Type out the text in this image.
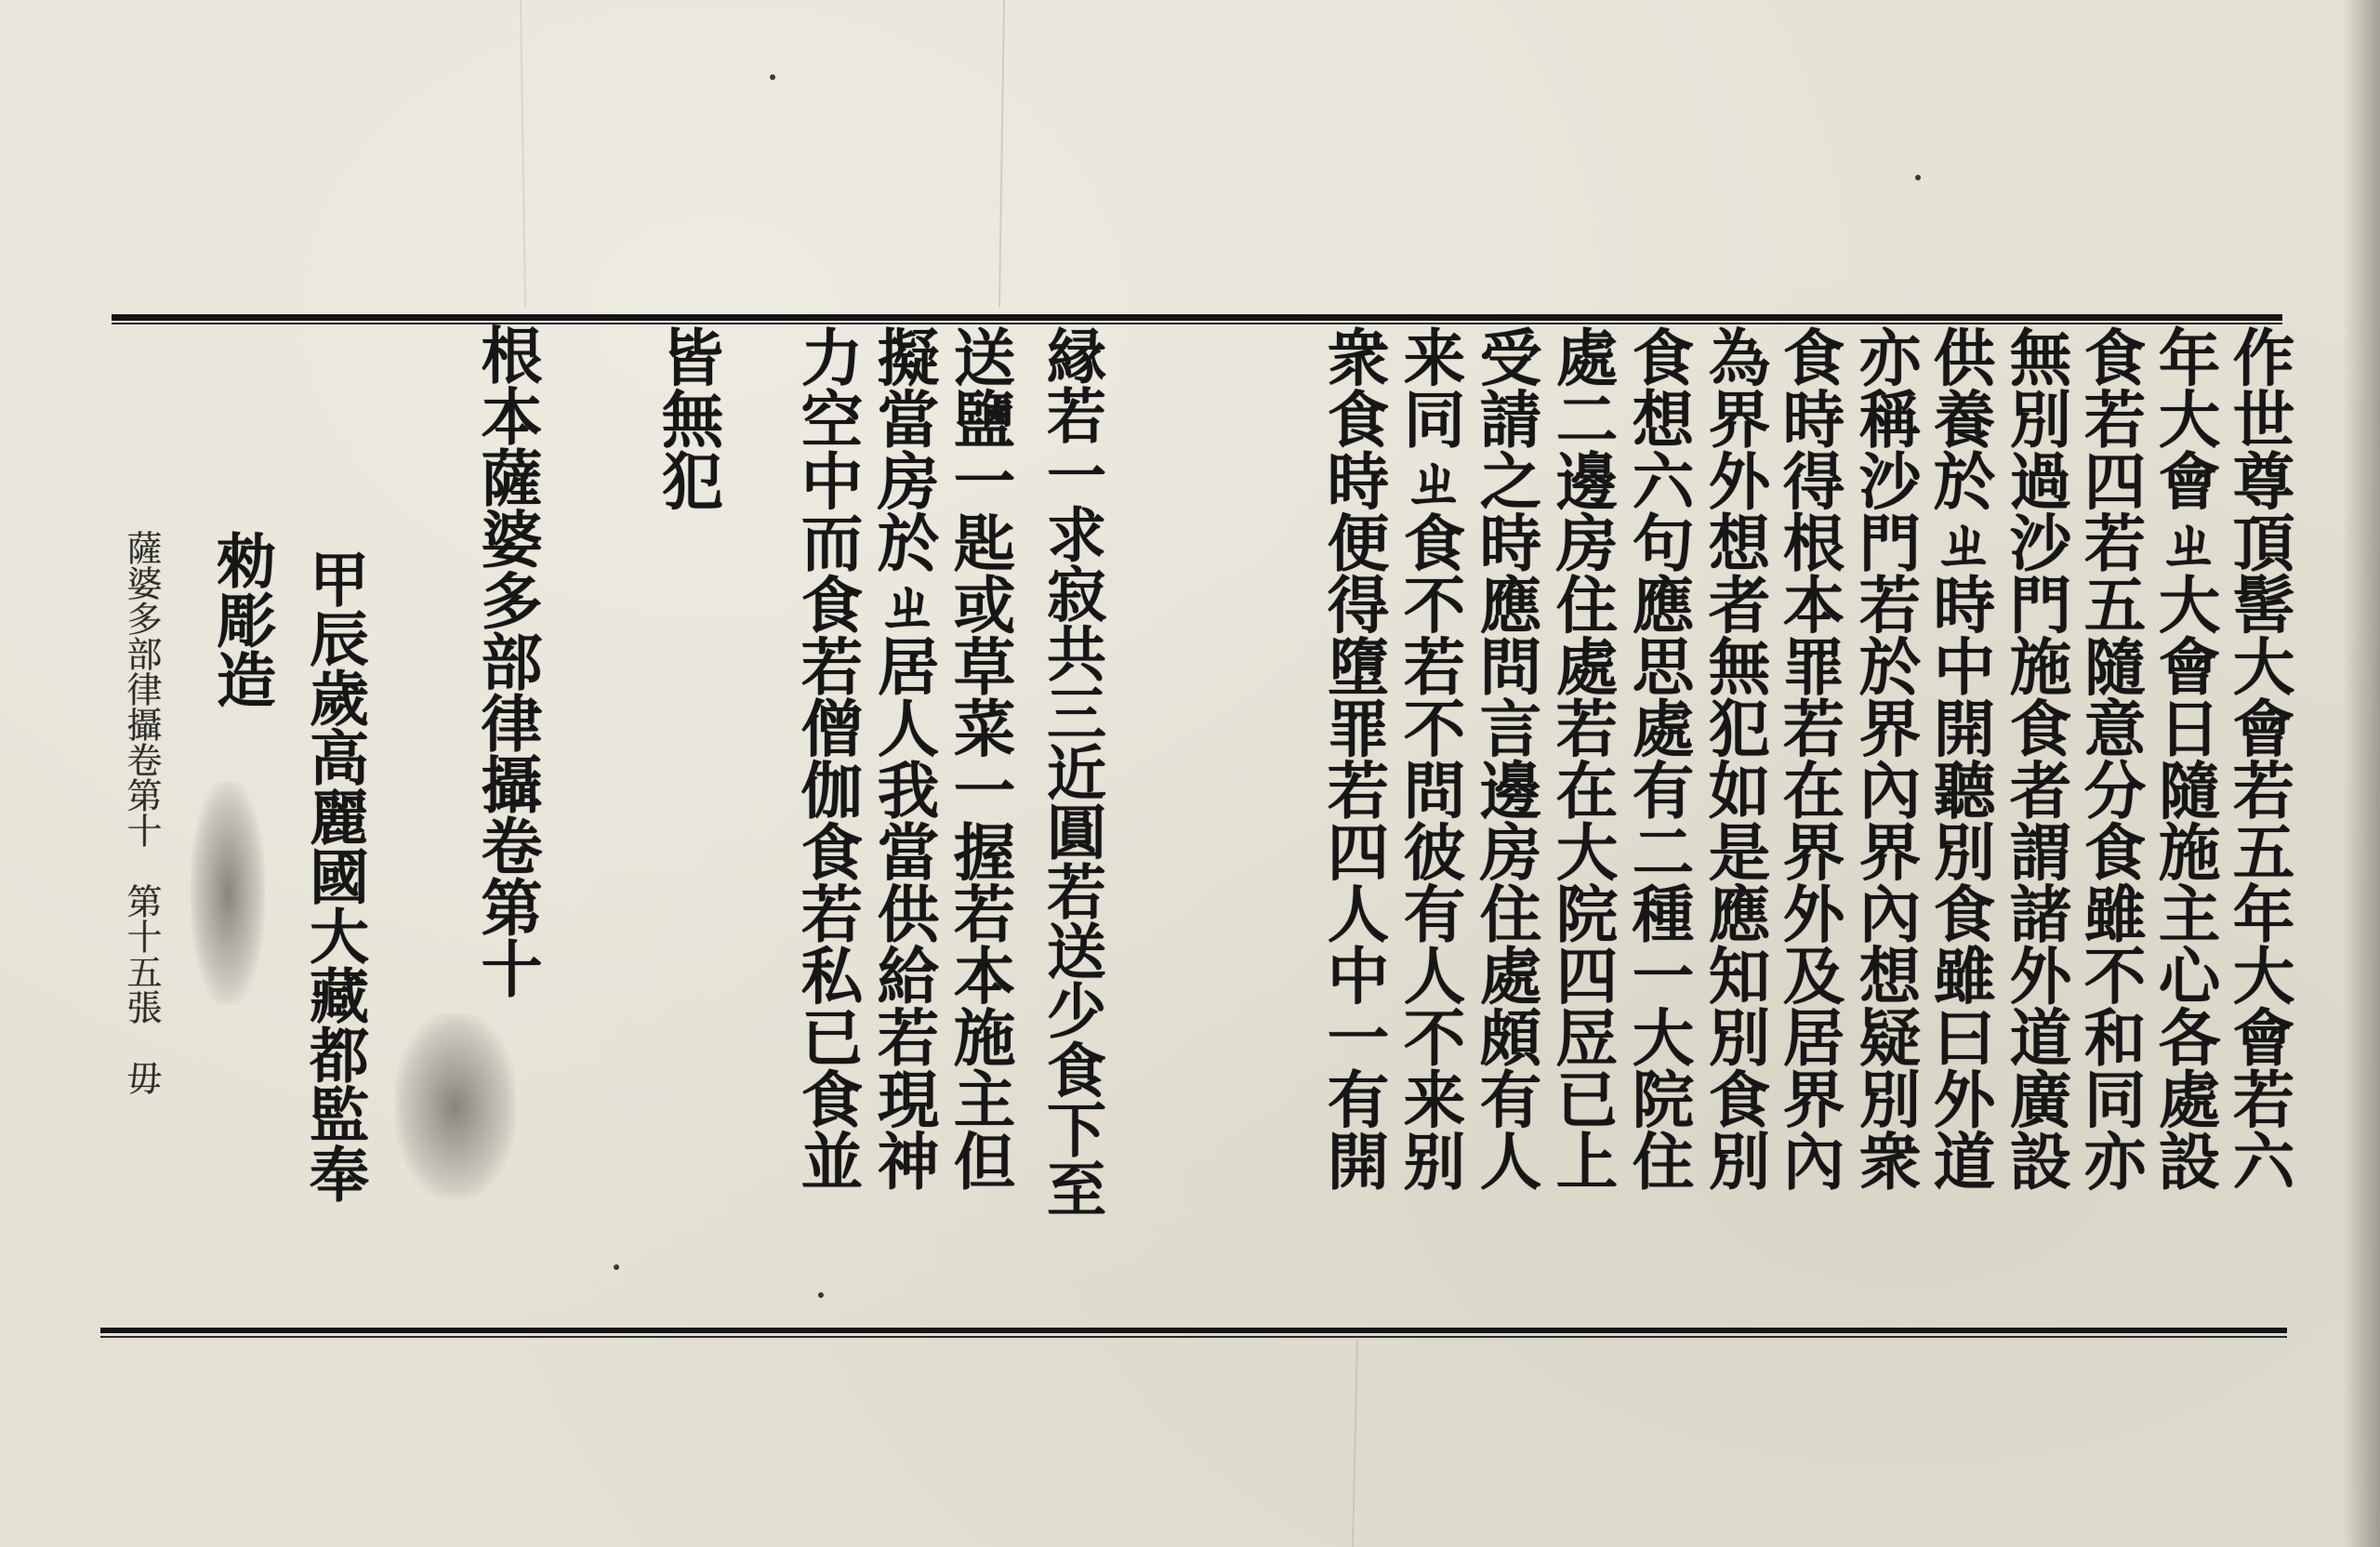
作世尊頂髺大會若五年大會若六
年大會ㄓ大會日隨施主心各處設
食若四若五隨意分食雖不和同亦
無別過沙門施食者謂諸外道廣設
供養於ㄓ時中開聽別食雖曰外道
亦稱沙門若於界內界內想疑別衆
食時得根本罪若在界外及居界內
為界外想者無犯如是應知別食別
食想六句應思處有二種一大院住
處二邊房住處若在大院四㞐已上
受請之時應問言邊房住處頗有人
来同ㄓ食不若不問彼有人不来别
衆食時便得墮罪若四人中一有開
縁若一求寂共三近圓若送少食下至
送鹽一匙或草菜一握若本施主但
擬當房於ㄓ居人我當供給若現神
力空中而食若僧伽食若私已食並
皆無犯
根本薩婆多部律攝卷第十
甲辰歲高麗國大藏都監奉
勑彫造
薩婆多部律攝卷第十　第十五張　毋
